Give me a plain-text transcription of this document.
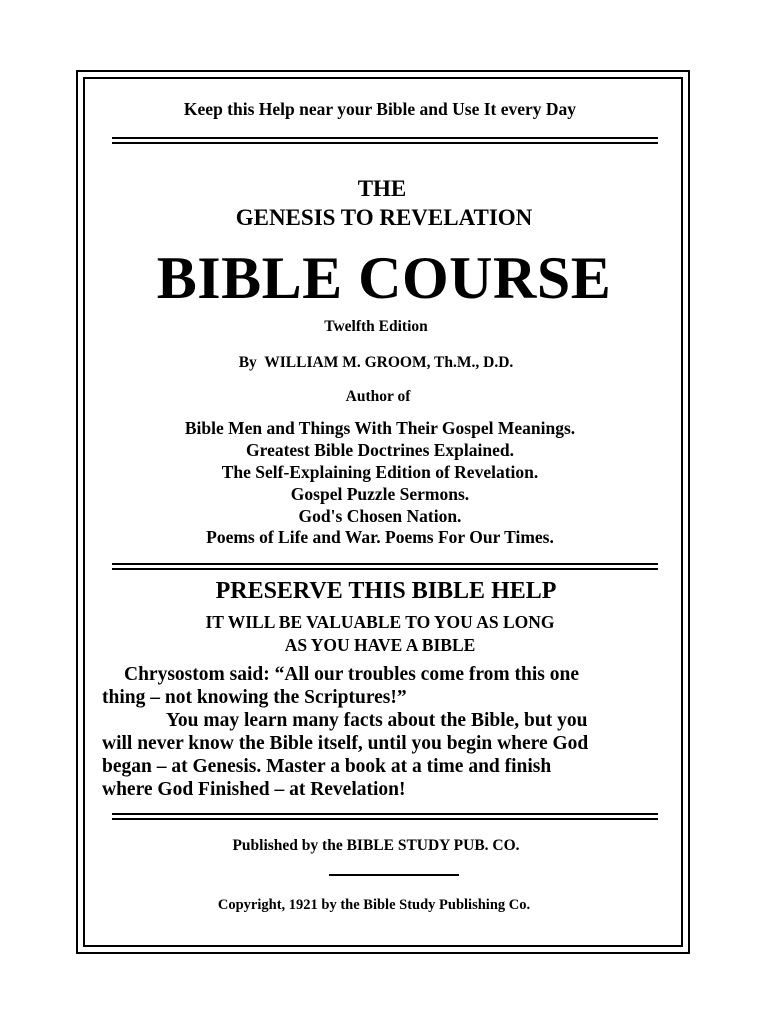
Keep this Help near your Bible and Use It every Day
THE
GENESIS TO REVELATION
BIBLE COURSE
Twelfth Edition
By  WILLIAM M. GROOM, Th.M., D.D.
Author of
Bible Men and Things With Their Gospel Meanings.
Greatest Bible Doctrines Explained.
The Self-Explaining Edition of Revelation.
Gospel Puzzle Sermons.
God's Chosen Nation.
Poems of Life and War. Poems For Our Times.
PRESERVE THIS BIBLE HELP
IT WILL BE VALUABLE TO YOU AS LONG
AS YOU HAVE A BIBLE
Chrysostom said: “All our troubles come from this one
thing – not knowing the Scriptures!”
You may learn many facts about the Bible, but you
will never know the Bible itself, until you begin where God
began – at Genesis. Master a book at a time and finish
where God Finished – at Revelation!
Published by the BIBLE STUDY PUB. CO.
Copyright, 1921 by the Bible Study Publishing Co.
